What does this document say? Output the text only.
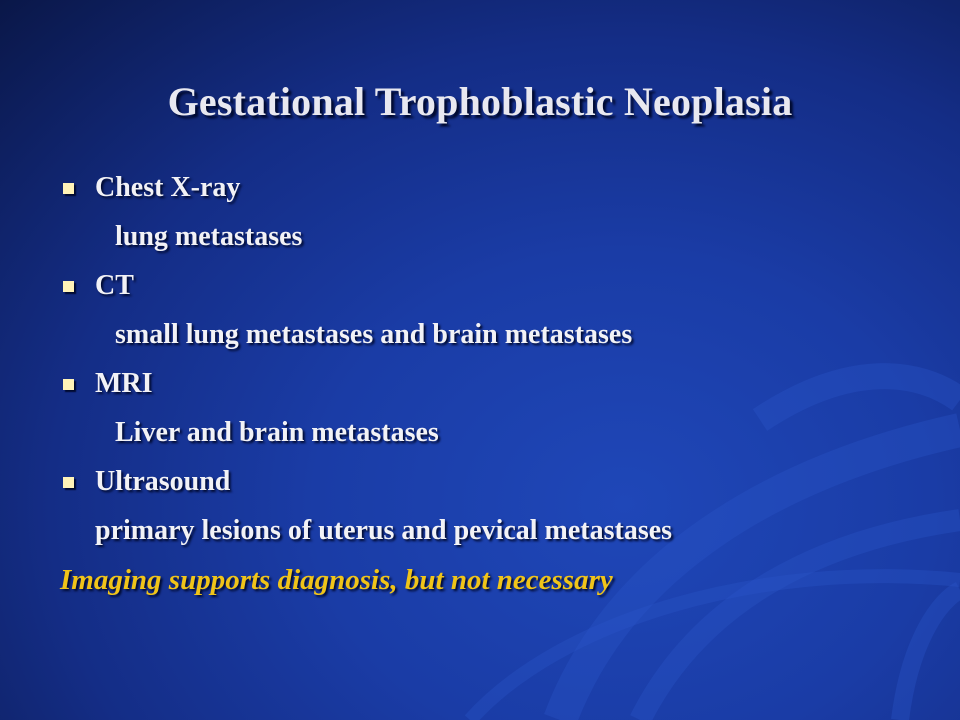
Gestational Trophoblastic Neoplasia
Chest X-ray
lung metastases
CT
small lung metastases and brain metastases
MRI
Liver and brain metastases
Ultrasound
primary lesions of uterus and pevical metastases
Imaging supports diagnosis, but not necessary
